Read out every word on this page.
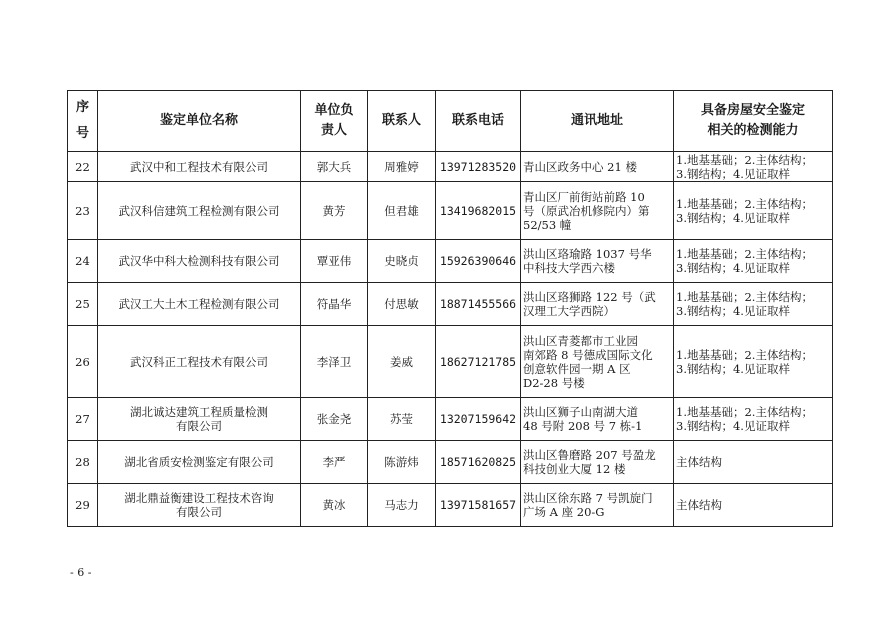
序
号	鉴定单位名称	单位负
责人	联系人	联系电话	通讯地址	具备房屋安全鉴定
相关的检测能力

22	武汉中和工程技术有限公司	郭大兵	周雅婷	13971283520	青山区政务中心 21 楼	1.地基基础；2.主体结构；
3.钢结构；4.见证取样

23	武汉科信建筑工程检测有限公司	黄芳	但君雄	13419682015	青山区厂前街站前路 10
号（原武冶机修院内）第
52/53 幢	1.地基基础；2.主体结构；
3.钢结构；4.见证取样

24	武汉华中科大检测科技有限公司	覃亚伟	史晓贞	15926390646	洪山区珞瑜路 1037 号华
中科技大学西六楼	1.地基基础；2.主体结构；
3.钢结构；4.见证取样

25	武汉工大土木工程检测有限公司	符晶华	付思敏	18871455566	洪山区珞狮路 122 号（武
汉理工大学西院）	1.地基基础；2.主体结构；
3.钢结构；4.见证取样

26	武汉科正工程技术有限公司	李泽卫	姜威	18627121785	洪山区青菱都市工业园
南郊路 8 号德成国际文化
创意软件园一期 A 区
D2-28 号楼	1.地基基础；2.主体结构；
3.钢结构；4.见证取样

27	湖北诚达建筑工程质量检测
有限公司	张金尧	苏莹	13207159642	洪山区狮子山南湖大道
48 号附 208 号 7 栋-1	1.地基基础；2.主体结构；
3.钢结构；4.见证取样

28	湖北省质安检测鉴定有限公司	李严	陈游炜	18571620825	洪山区鲁磨路 207 号盈龙
科技创业大厦 12 楼	主体结构

29	湖北鼎益衡建设工程技术咨询
有限公司	黄冰	马志力	13971581657	洪山区徐东路 7 号凯旋门
广场 A 座 20-G	主体结构
- 6 -
